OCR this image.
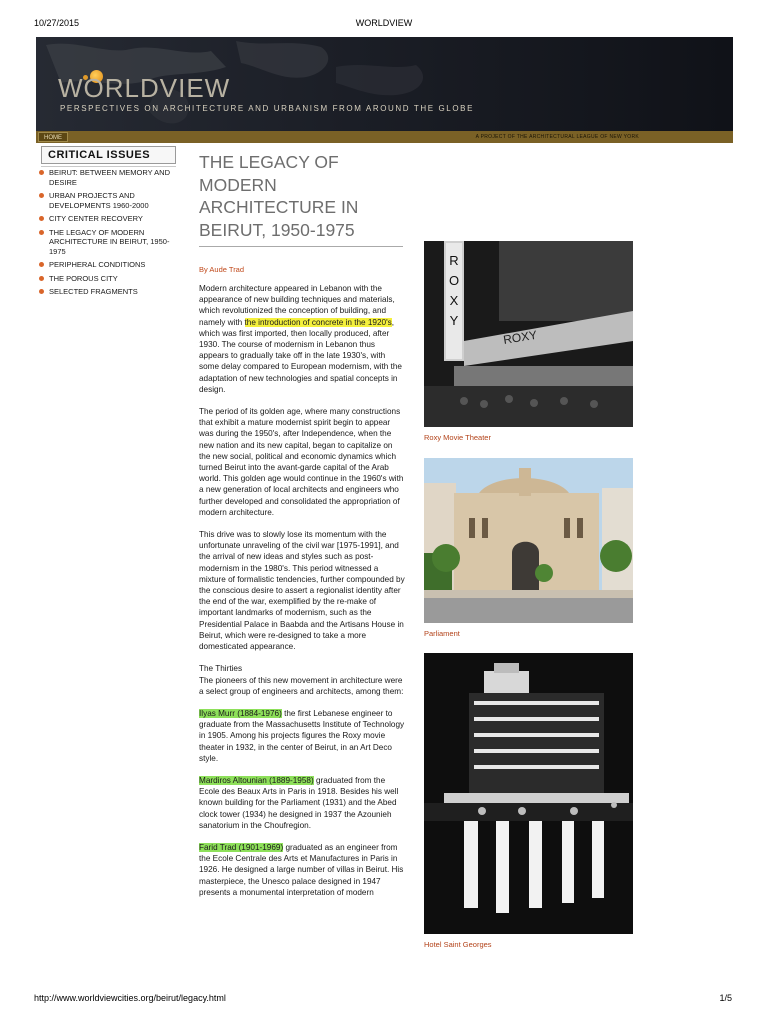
10/27/2015	WORLDVIEW
WORLDVIEW
PERSPECTIVES ON ARCHITECTURE AND URBANISM FROM AROUND THE GLOBE
HOME	A PROJECT OF THE ARCHITECTURAL LEAGUE OF NEW YORK
CRITICAL ISSUES
BEIRUT: BETWEEN MEMORY AND DESIRE
URBAN PROJECTS AND DEVELOPMENTS 1960-2000
CITY CENTER RECOVERY
THE LEGACY OF MODERN ARCHITECTURE IN BEIRUT, 1950-1975
PERIPHERAL CONDITIONS
THE POROUS CITY
SELECTED FRAGMENTS
THE LEGACY OF MODERN ARCHITECTURE IN BEIRUT, 1950-1975
By Aude Trad

Modern architecture appeared in Lebanon with the appearance of new building techniques and materials, which revolutionized the conception of building, and namely with the introduction of concrete in the 1920's, which was first imported, then locally produced, after 1930. The course of modernism in Lebanon thus appears to gradually take off in the late 1930's, with some delay compared to European modernism, with the adaptation of new technologies and spatial concepts in design.

The period of its golden age, where many constructions that exhibit a mature modernist spirit begin to appear was during the 1950's, after Independence, when the new nation and its new capital, began to capitalize on the new social, political and economic dynamics which turned Beirut into the avant-garde capital of the Arab world. This golden age would continue in the 1960's with a new generation of local architects and engineers who further developed and consolidated the appropriation of modern architecture.

This drive was to slowly lose its momentum with the unfortunate unraveling of the civil war [1975-1991], and the arrival of new ideas and styles such as post-modernism in the 1980's. This period witnessed a mixture of formalistic tendencies, further compounded by the conscious desire to assert a regionalist identity after the end of the war, exemplified by the re-make of important landmarks of modernism, such as the Presidential Palace in Baabda and the Artisans House in Beirut, which were re-designed to take a more domesticated appearance.

The Thirties

The pioneers of this new movement in architecture were a select group of engineers and architects, among them:

Ilyas Murr (1884-1976) the first Lebanese engineer to graduate from the Massachusetts Institute of Technology in 1905. Among his projects figures the Roxy movie theater in 1932, in the center of Beirut, in an Art Deco style.

Mardiros Altounian (1889-1958) graduated from the Ecole des Beaux Arts in Paris in 1918. Besides his well known building for the Parliament (1931) and the Abed clock tower (1934) he designed in 1937 the Azounieh sanatorium in the Choufregion.

Farid Trad (1901-1969) graduated as an engineer from the Ecole Centrale des Arts et Manufactures in Paris in 1926. He designed a large number of villas in Beirut. His masterpiece, the Unesco palace designed in 1947 presents a monumental interpretation of modern

R
O
X
Y
ROXY
Roxy Movie Theater
Parliament
Hotel Saint Georges
http://www.worldviewcities.org/beirut/legacy.html	1/5
